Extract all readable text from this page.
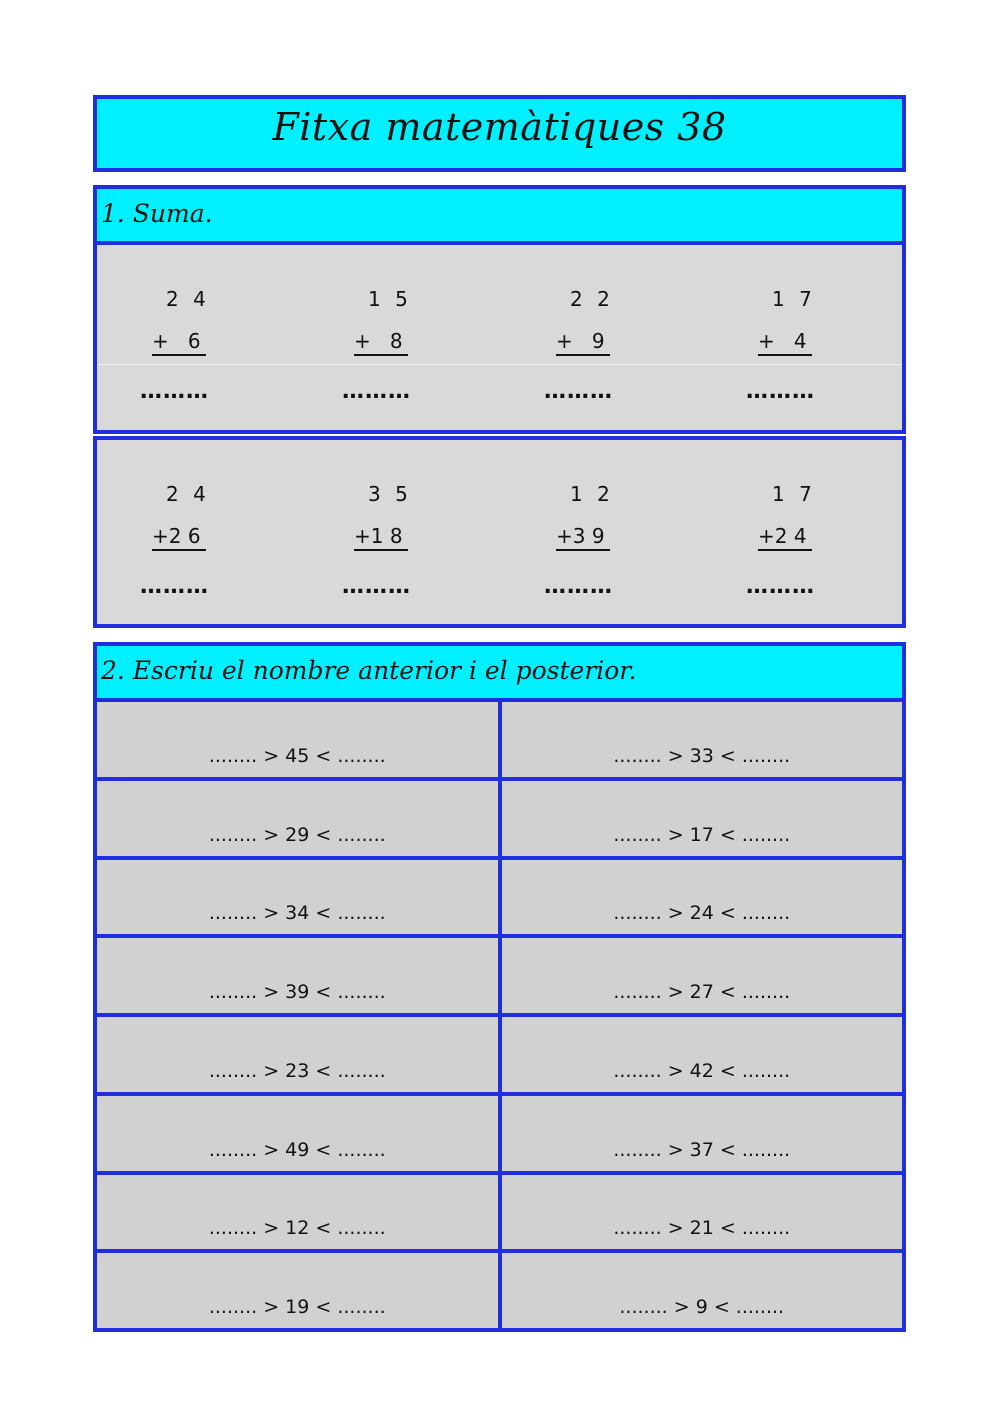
Fitxa matemàtiques 38
1. Suma.
2 4
+   6
………
1 5
+   8
………
2 2
+   9
………
1 7
+   4
………
2 4
+2 6
………
3 5
+1 8
………
1 2
+3 9
………
1 7
+2 4
………
2. Escriu el nombre anterior i el posterior.
........ > 45 < ........	........ > 33 < ........
........ > 29 < ........	........ > 17 < ........
........ > 34 < ........	........ > 24 < ........
........ > 39 < ........	........ > 27 < ........
........ > 23 < ........	........ > 42 < ........
........ > 49 < ........	........ > 37 < ........
........ > 12 < ........	........ > 21 < ........
........ > 19 < ........	........ > 9 < ........
